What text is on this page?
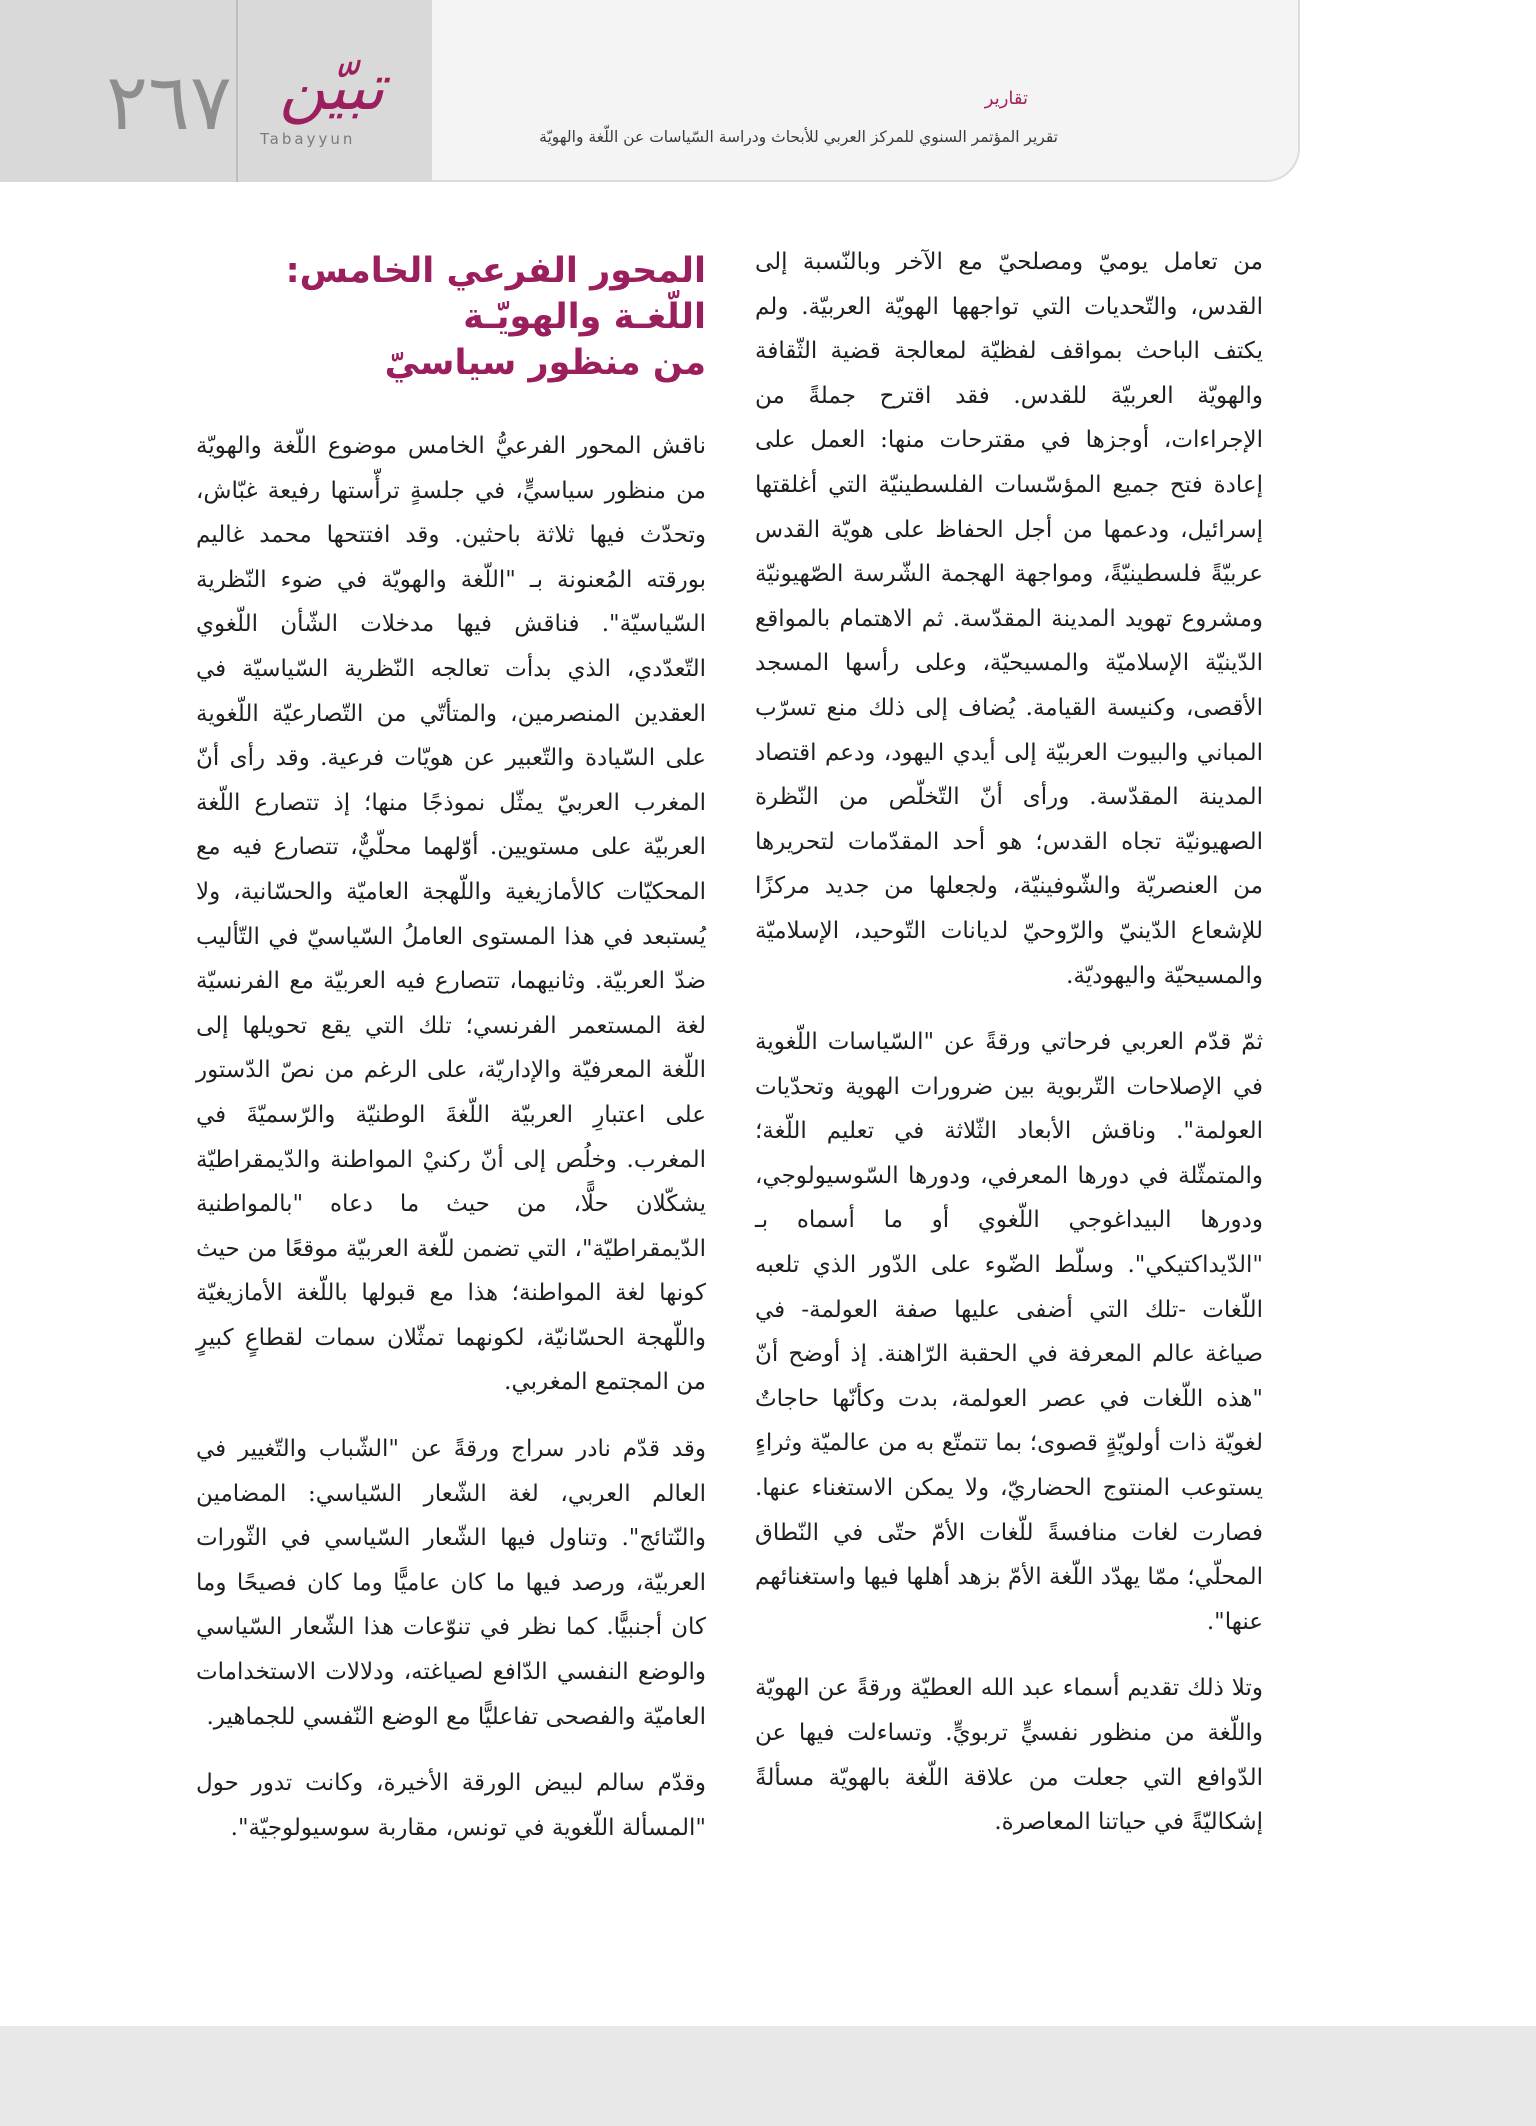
٢٦٧ تبيّن
Tabayyun
تقارير
تقرير المؤتمر السنوي للمركز العربي للأبحاث ودراسة السّياسات عن اللّغة والهويّة

من تعامل يوميّ ومصلحيّ مع الآخر وبالنّسبة إلى القدس، والتّحديات التي تواجهها الهويّة العربيّة. ولم يكتف الباحث بمواقف لفظيّة لمعالجة قضية الثّقافة والهويّة العربيّة للقدس. فقد اقترح جملةً من الإجراءات، أوجزها في مقترحات منها: العمل على إعادة فتح جميع المؤسّسات الفلسطينيّة التي أغلقتها إسرائيل، ودعمها من أجل الحفاظ على هويّة القدس عربيّةً فلسطينيّةً، ومواجهة الهجمة الشّرسة الصّهيونيّة ومشروع تهويد المدينة المقدّسة. ثم الاهتمام بالمواقع الدّينيّة الإسلاميّة والمسيحيّة، وعلى رأسها المسجد الأقصى، وكنيسة القيامة. يُضاف إلى ذلك منع تسرّب المباني والبيوت العربيّة إلى أيدي اليهود، ودعم اقتصاد المدينة المقدّسة. ورأى أنّ التّخلّص من النّظرة الصهيونيّة تجاه القدس؛ هو أحد المقدّمات لتحريرها من العنصريّة والشّوفينيّة، ولجعلها من جديد مركزًا للإشعاع الدّينيّ والرّوحيّ لديانات التّوحيد، الإسلاميّة والمسيحيّة واليهوديّة.

ثمّ قدّم العربي فرحاتي ورقةً عن "السّياسات اللّغوية في الإصلاحات التّربوية بين ضرورات الهوية وتحدّيات العولمة". وناقش الأبعاد الثّلاثة في تعليم اللّغة؛ والمتمثّلة في دورها المعرفي، ودورها السّوسيولوجي، ودورها البيداغوجي اللّغوي أو ما أسماه بـ "الدّيداكتيكي". وسلّط الضّوء على الدّور الذي تلعبه اللّغات -تلك التي أضفى عليها صفة العولمة- في صياغة عالم المعرفة في الحقبة الرّاهنة. إذ أوضح أنّ "هذه اللّغات في عصر العولمة، بدت وكأنّها حاجاتٌ لغويّة ذات أولويّةٍ قصوى؛ بما تتمتّع به من عالميّة وثراءٍ يستوعب المنتوج الحضاريّ، ولا يمكن الاستغناء عنها. فصارت لغات منافسةً للّغات الأمّ حتّى في النّطاق المحلّي؛ ممّا يهدّد اللّغة الأمّ بزهد أهلها فيها واستغنائهم عنها".

وتلا ذلك تقديم أسماء عبد الله العطيّة ورقةً عن الهويّة واللّغة من منظور نفسيٍّ تربويٍّ. وتساءلت فيها عن الدّوافع التي جعلت من علاقة اللّغة بالهويّة مسألةً إشكاليّةً في حياتنا المعاصرة.

المحور الفرعي الخامس:
اللّغـة والهويّـة
من منظور سياسيّ

ناقش المحور الفرعيُّ الخامس موضوع اللّغة والهويّة من منظور سياسيٍّ، في جلسةٍ ترأّستها رفيعة غبّاش، وتحدّث فيها ثلاثة باحثين. وقد افتتحها محمد غاليم بورقته المُعنونة بـ "اللّغة والهويّة في ضوء النّظرية السّياسيّة". فناقش فيها مدخلات الشّأن اللّغوي التّعدّدي، الذي بدأت تعالجه النّظرية السّياسيّة في العقدين المنصرمين، والمتأتّي من التّصارعيّة اللّغوية على السّيادة والتّعبير عن هويّات فرعية. وقد رأى أنّ المغرب العربيّ يمثّل نموذجًا منها؛ إذ تتصارع اللّغة العربيّة على مستويين. أوّلهما محلّيٌّ، تتصارع فيه مع المحكيّات كالأمازيغية واللّهجة العاميّة والحسّانية، ولا يُستبعد في هذا المستوى العاملُ السّياسيّ في التّأليب ضدّ العربيّة. وثانيهما، تتصارع فيه العربيّة مع الفرنسيّة لغة المستعمر الفرنسي؛ تلك التي يقع تحويلها إلى اللّغة المعرفيّة والإداريّة، على الرغم من نصّ الدّستور على اعتبارِ العربيّة اللّغةَ الوطنيّة والرّسميّةَ في المغرب. وخلُص إلى أنّ ركنيْ المواطنة والدّيمقراطيّة يشكّلان حلًّا، من حيث ما دعاه "بالمواطنية الدّيمقراطيّة"، التي تضمن للّغة العربيّة موقعًا من حيث كونها لغة المواطنة؛ هذا مع قبولها باللّغة الأمازيغيّة واللّهجة الحسّانيّة، لكونهما تمثّلان سمات لقطاعٍ كبيرٍ من المجتمع المغربي.

وقد قدّم نادر سراج ورقةً عن "الشّباب والتّغيير في العالم العربي، لغة الشّعار السّياسي: المضامين والنّتائج". وتناول فيها الشّعار السّياسي في الثّورات العربيّة، ورصد فيها ما كان عاميًّا وما كان فصيحًا وما كان أجنبيًّا. كما نظر في تنوّعات هذا الشّعار السّياسي والوضع النفسي الدّافع لصياغته، ودلالات الاستخدامات العاميّة والفصحى تفاعليًّا مع الوضع النّفسي للجماهير.

وقدّم سالم لبيض الورقة الأخيرة، وكانت تدور حول "المسألة اللّغوية في تونس، مقاربة سوسيولوجيّة".
